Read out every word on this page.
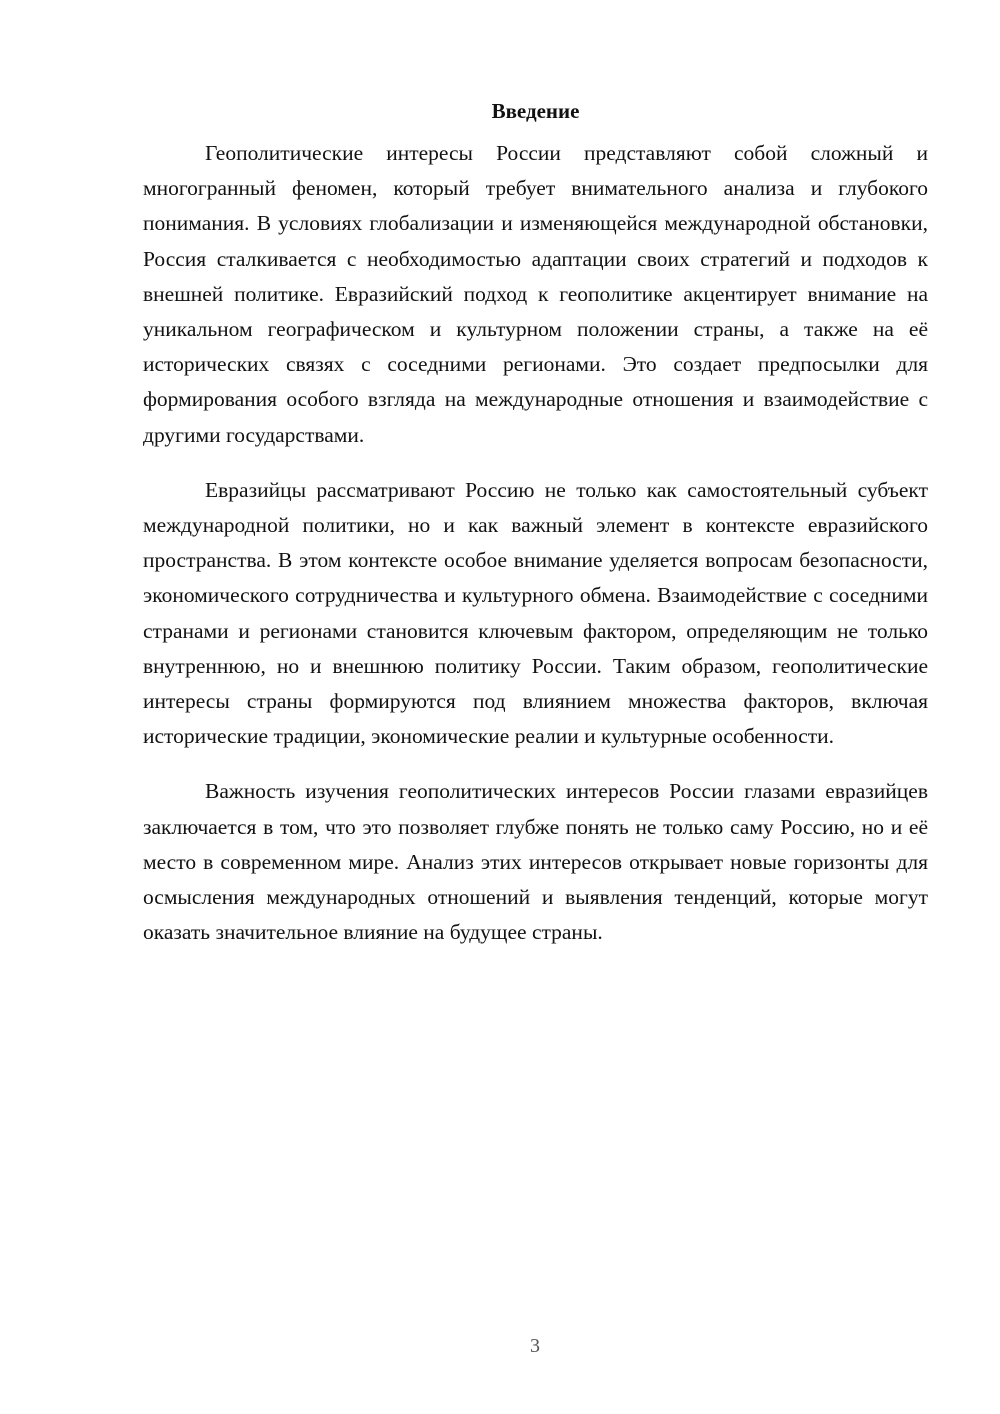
Введение

Геополитические интересы России представляют собой сложный и многогранный феномен, который требует внимательного анализа и глубокого понимания. В условиях глобализации и изменяющейся международной обстановки, Россия сталкивается с необходимостью адаптации своих стратегий и подходов к внешней политике. Евразийский подход к геополитике акцентирует внимание на уникальном географическом и культурном положении страны, а также на её исторических связях с соседними регионами. Это создает предпосылки для формирования особого взгляда на международные отношения и взаимодействие с другими государствами.

Евразийцы рассматривают Россию не только как самостоятельный субъект международной политики, но и как важный элемент в контексте евразийского пространства. В этом контексте особое внимание уделяется вопросам безопасности, экономического сотрудничества и культурного обмена. Взаимодействие с соседними странами и регионами становится ключевым фактором, определяющим не только внутреннюю, но и внешнюю политику России. Таким образом, геополитические интересы страны формируются под влиянием множества факторов, включая исторические традиции, экономические реалии и культурные особенности.

Важность изучения геополитических интересов России глазами евразийцев заключается в том, что это позволяет глубже понять не только саму Россию, но и её место в современном мире. Анализ этих интересов открывает новые горизонты для осмысления международных отношений и выявления тенденций, которые могут оказать значительное влияние на будущее страны.

3
